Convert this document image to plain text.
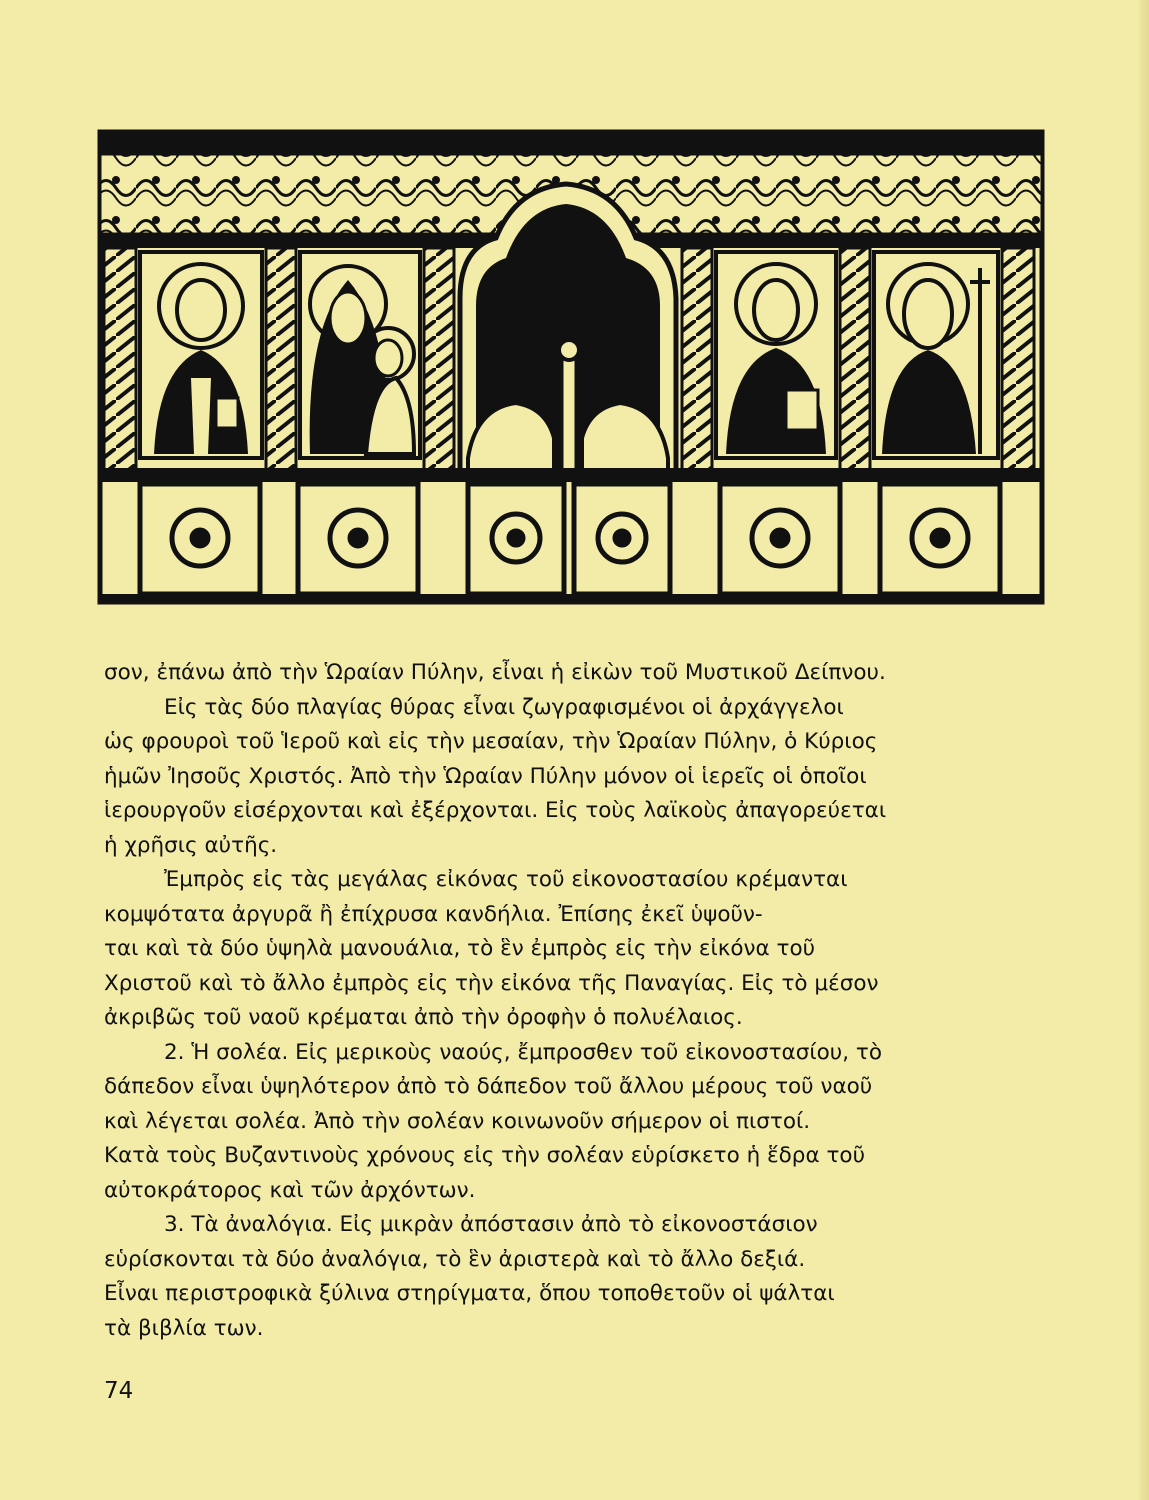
σον, ἐπάνω ἀπὸ τὴν Ὡραίαν Πύλην, εἶναι ἡ εἰκὼν τοῦ Μυστικοῦ Δείπνου.

Εἰς τὰς δύο πλαγίας θύρας εἶναι ζωγραφισμένοι οἱ ἀρχάγγελοι

ὡς φρουροὶ τοῦ Ἱεροῦ καὶ εἰς τὴν μεσαίαν, τὴν Ὡραίαν Πύλην, ὁ Κύριος

ἡμῶν Ἰησοῦς Χριστός. Ἀπὸ τὴν Ὡραίαν Πύλην μόνον οἱ ἱερεῖς οἱ ὁποῖοι

ἱερουργοῦν εἰσέρχονται καὶ ἐξέρχονται. Εἰς τοὺς λαϊκοὺς ἀπαγορεύεται

ἡ χρῆσις αὐτῆς.

Ἐμπρὸς εἰς τὰς μεγάλας εἰκόνας τοῦ εἰκονοστασίου κρέμανται

κομψότατα ἀργυρᾶ ἢ ἐπίχρυσα κανδήλια. Ἐπίσης ἐκεῖ ὑψοῦν-

ται καὶ τὰ δύο ὑψηλὰ μανουάλια, τὸ ἓν ἐμπρὸς εἰς τὴν εἰκόνα τοῦ

Χριστοῦ καὶ τὸ ἄλλο ἐμπρὸς εἰς τὴν εἰκόνα τῆς Παναγίας. Εἰς τὸ μέσον

ἀκριβῶς τοῦ ναοῦ κρέμαται ἀπὸ τὴν ὀροφὴν ὁ πολυέλαιος.

2. Ἡ σολέα. Εἰς μερικοὺς ναούς, ἔμπροσθεν τοῦ εἰκονοστασίου, τὸ

δάπεδον εἶναι ὑψηλότερον ἀπὸ τὸ δάπεδον τοῦ ἄλλου μέρους τοῦ ναοῦ

καὶ λέγεται σολέα. Ἀπὸ τὴν σολέαν κοινωνοῦν σήμερον οἱ πιστοί.

Κατὰ τοὺς Βυζαντινοὺς χρόνους εἰς τὴν σολέαν εὑρίσκετο ἡ ἕδρα τοῦ

αὐτοκράτορος καὶ τῶν ἀρχόντων.

3. Τὰ ἀναλόγια. Εἰς μικρὰν ἀπόστασιν ἀπὸ τὸ εἰκονοστάσιον

εὑρίσκονται τὰ δύο ἀναλόγια, τὸ ἓν ἀριστερὰ καὶ τὸ ἄλλο δεξιά.

Εἶναι περιστροφικὰ ξύλινα στηρίγματα, ὅπου τοποθετοῦν οἱ ψάλται

τὰ βιβλία των.

74
